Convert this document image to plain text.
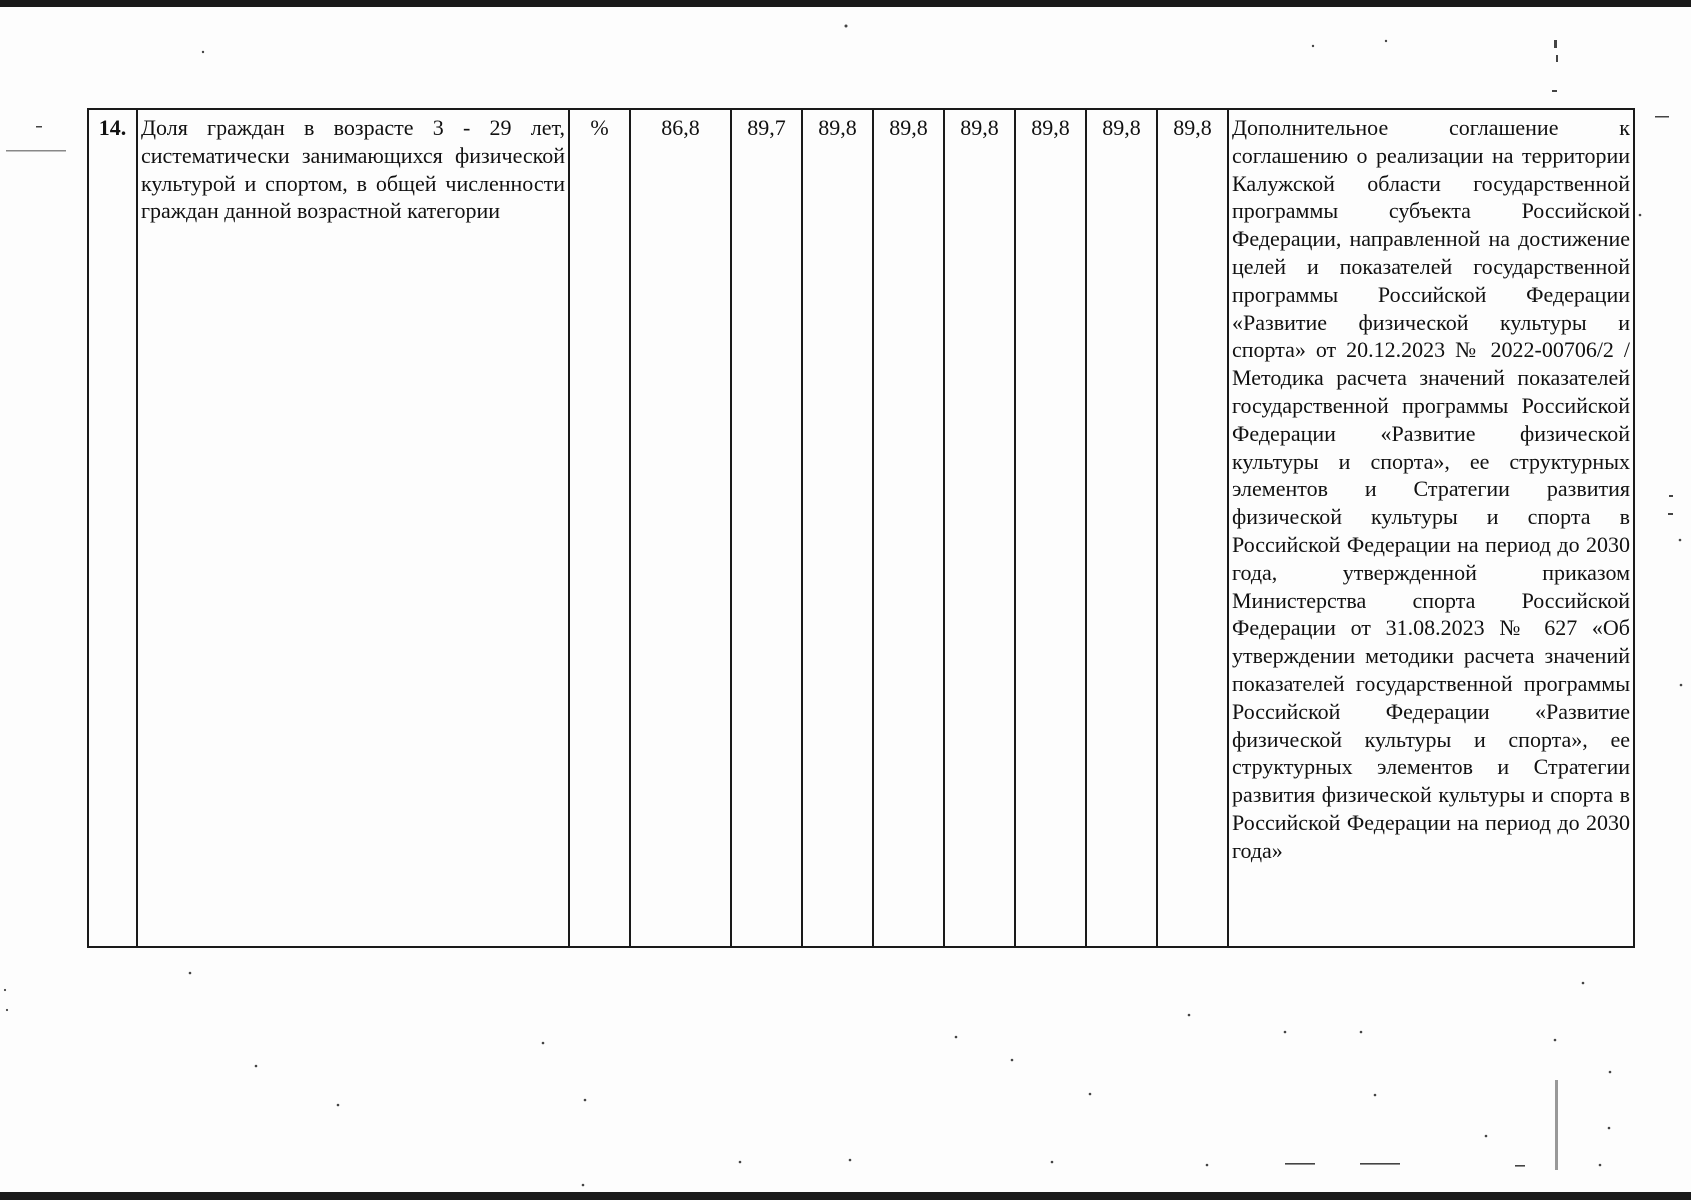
14.	Доля граждан в возрасте 3 - 29 лет, систематически занимающихся физической культурой и спортом, в общей численности граждан данной возрастной категории	%	86,8	89,7	89,8	89,8	89,8	89,8	89,8	89,8	Дополнительное соглашение к соглашению о реализации на территории Калужской области государственной программы субъекта Российской Федерации, направленной на достижение целей и показателей государственной программы Российской Федерации «Развитие физической культуры и спорта» от 20.12.2023 № 2022-00706/2 / Методика расчета значений показателей государственной программы Российской Федерации «Развитие физической культуры и спорта», ее структурных элементов и Стратегии развития физической культуры и спорта в Российской Федерации на период до 2030 года, утвержденной приказом Министерства спорта Российской Федерации от 31.08.2023 № 627 «Об утверждении методики расчета значений показателей государственной программы Российской Федерации «Развитие физической культуры и спорта», ее структурных элементов и Стратегии развития физической культуры и спорта в Российской Федерации на период до 2030 года»
